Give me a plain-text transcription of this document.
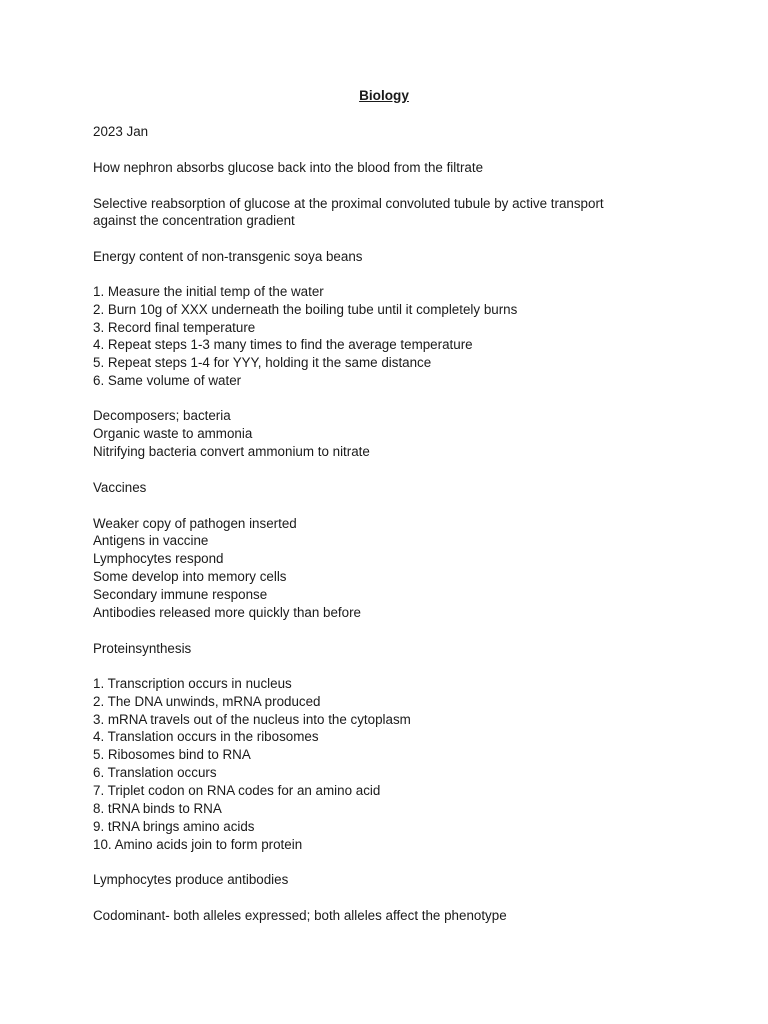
Biology

2023 Jan

How nephron absorbs glucose back into the blood from the filtrate

Selective reabsorption of glucose at the proximal convoluted tubule by active transport

against the concentration gradient

Energy content of non-transgenic soya beans

1. Measure the initial temp of the water

2. Burn 10g of XXX underneath the boiling tube until it completely burns

3. Record final temperature

4. Repeat steps 1-3 many times to find the average temperature

5. Repeat steps 1-4 for YYY, holding it the same distance

6. Same volume of water

Decomposers; bacteria

Organic waste to ammonia

Nitrifying bacteria convert ammonium to nitrate

Vaccines

Weaker copy of pathogen inserted

Antigens in vaccine

Lymphocytes respond

Some develop into memory cells

Secondary immune response

Antibodies released more quickly than before

Proteinsynthesis

1. Transcription occurs in nucleus

2. The DNA unwinds, mRNA produced

3. mRNA travels out of the nucleus into the cytoplasm

4. Translation occurs in the ribosomes

5. Ribosomes bind to RNA

6. Translation occurs

7. Triplet codon on RNA codes for an amino acid

8. tRNA binds to RNA

9. tRNA brings amino acids

10. Amino acids join to form protein

Lymphocytes produce antibodies

Codominant- both alleles expressed; both alleles affect the phenotype
